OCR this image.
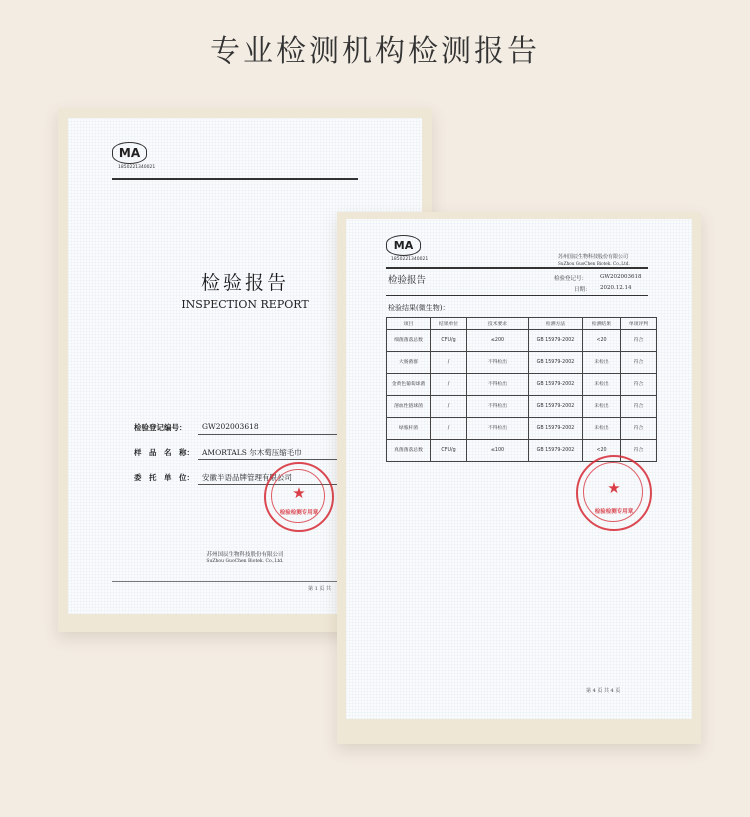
专业检测机构检测报告
MA
1850221340021
检验报告
INSPECTION REPORT
检验登记编号： GW202003618
样　品　名　称： AMORTALS 尔木萄压缩毛巾
委　托　单　位： 安徽半语品牌管理有限公司
★
检验检测专用章
苏州国辰生物科技股份有限公司
SuZhou GuoChen Biotek. Co.,Ltd.
第 1 页 共
MA
1850221340021	苏州国辰生物科技股份有限公司
SuZhou GuoChen Biotek. Co.,Ltd.
检验报告	检验登记号： GW202003618
日期： 2020.12.14
检验结果(微生物)：
项目	结果单位	技术要求	检测方法	检测结果	单项评判
细菌菌落总数	CFU/g	≤200	GB 15979-2002	<20	符合
大肠菌群	/	不得检出	GB 15979-2002	未检出	符合
金黄色葡萄球菌	/	不得检出	GB 15979-2002	未检出	符合
溶血性链球菌	/	不得检出	GB 15979-2002	未检出	符合
绿脓杆菌	/	不得检出	GB 15979-2002	未检出	符合
真菌菌落总数	CFU/g	≤100	GB 15979-2002	<20	符合
★
检验检测专用章
第 4 页 共 4 页
